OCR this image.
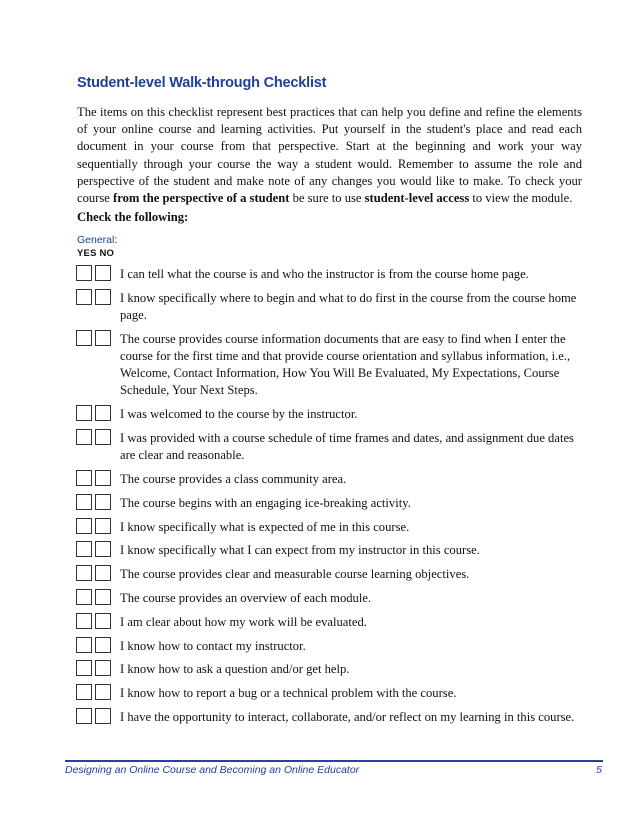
Student-level Walk-through Checklist
The items on this checklist represent best practices that can help you define and refine the elements of your online course and learning activities. Put yourself in the student's place and read each document in your course from that perspective. Start at the beginning and work your way sequentially through your course the way a student would. Remember to assume the role and perspective of the student and make note of any changes you would like to make. To check your course from the perspective of a student be sure to use student-level access to view the module.
Check the following:
General:
YES NO
I can tell what the course is and who the instructor is from the course home page.
I know specifically where to begin and what to do first in the course from the course home page.
The course provides course information documents that are easy to find when I enter the course for the first time and that provide course orientation and syllabus information, i.e., Welcome, Contact Information, How You Will Be Evaluated, My Expectations, Course Schedule, Your Next Steps.
I was welcomed to the course by the instructor.
I was provided with a course schedule of time frames and dates, and assignment due dates are clear and reasonable.
The course provides a class community area.
The course begins with an engaging ice-breaking activity.
I know specifically what is expected of me in this course.
I know specifically what I can expect from my instructor in this course.
The course provides clear and measurable course learning objectives.
The course provides an overview of each module.
I am clear about how my work will be evaluated.
I know how to contact my instructor.
I know how to ask a question and/or get help.
I know how to report a bug or a technical problem with the course.
I have the opportunity to interact, collaborate, and/or reflect on my learning in this course.
Designing an Online Course and Becoming an Online Educator	5
